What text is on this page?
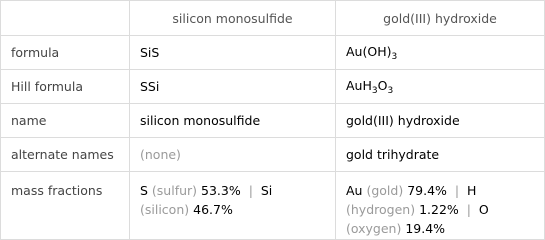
	silicon monosulfide	gold(III) hydroxide
formula	SiS	$Au(OH)_3$
Hill formula	SSi	$AuH_3O_3$
name	silicon monosulfide	gold(III) hydroxide
alternate names	(none)	gold trihydrate
mass fractions	S (sulfur) 53.3% | Si (silicon) 46.7%	Au (gold) 79.4% | H (hydrogen) 1.22% | O (oxygen) 19.4%
